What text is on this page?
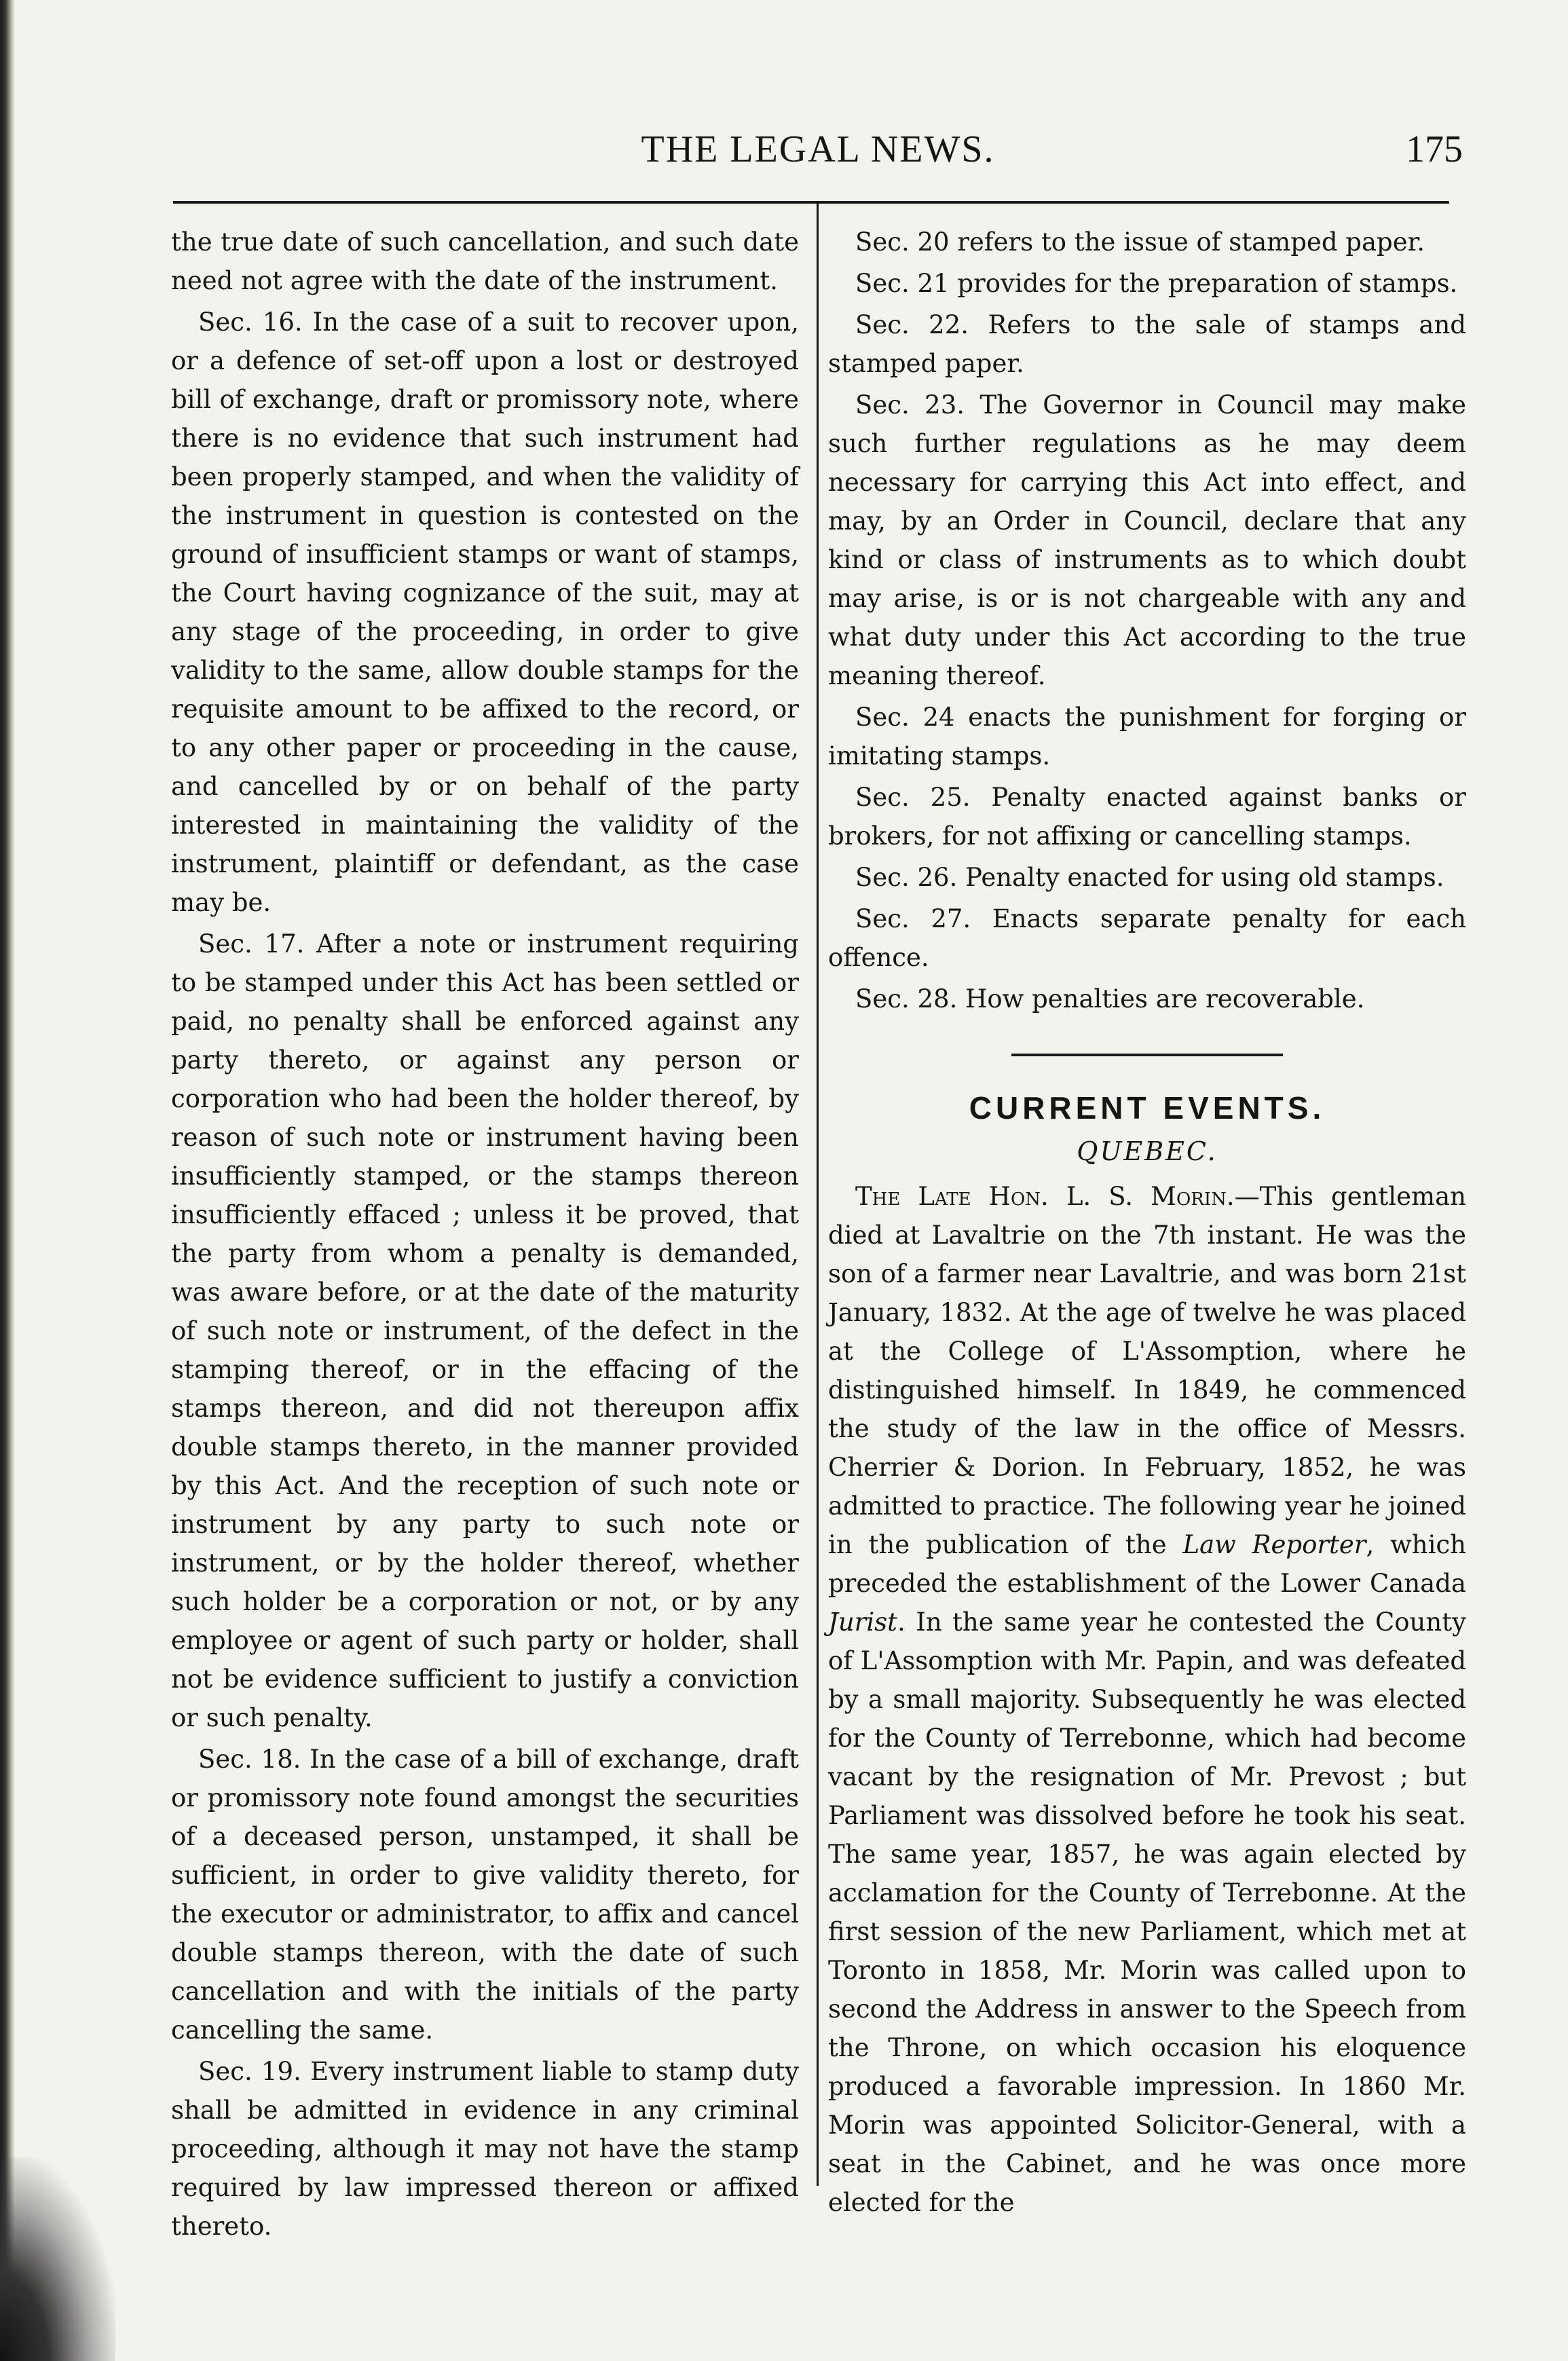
THE LEGAL NEWS.	175

the true date of such cancellation, and such date need not agree with the date of the instrument.

Sec. 16. In the case of a suit to recover upon, or a defence of set-off upon a lost or destroyed bill of exchange, draft or promissory note, where there is no evidence that such instrument had been properly stamped, and when the validity of the instrument in question is contested on the ground of insufficient stamps or want of stamps, the Court having cognizance of the suit, may at any stage of the proceeding, in order to give validity to the same, allow double stamps for the requisite amount to be affixed to the record, or to any other paper or proceeding in the cause, and cancelled by or on behalf of the party interested in maintaining the validity of the instrument, plaintiff or defendant, as the case may be.

Sec. 17. After a note or instrument requiring to be stamped under this Act has been settled or paid, no penalty shall be enforced against any party thereto, or against any person or corporation who had been the holder thereof, by reason of such note or instrument having been insufficiently stamped, or the stamps thereon insufficiently effaced ; unless it be proved, that the party from whom a penalty is demanded, was aware before, or at the date of the maturity of such note or instrument, of the defect in the stamping thereof, or in the effacing of the stamps thereon, and did not thereupon affix double stamps thereto, in the manner provided by this Act. And the reception of such note or instrument by any party to such note or instrument, or by the holder thereof, whether such holder be a corporation or not, or by any employee or agent of such party or holder, shall not be evidence sufficient to justify a conviction or such penalty.

Sec. 18. In the case of a bill of exchange, draft or promissory note found amongst the securities of a deceased person, unstamped, it shall be sufficient, in order to give validity thereto, for the executor or administrator, to affix and cancel double stamps thereon, with the date of such cancellation and with the initials of the party cancelling the same.

Sec. 19. Every instrument liable to stamp duty shall be admitted in evidence in any criminal proceeding, although it may not have the stamp required by law impressed thereon or affixed thereto.

Sec. 20 refers to the issue of stamped paper.

Sec. 21 provides for the preparation of stamps.

Sec. 22. Refers to the sale of stamps and stamped paper.

Sec. 23. The Governor in Council may make such further regulations as he may deem necessary for carrying this Act into effect, and may, by an Order in Council, declare that any kind or class of instruments as to which doubt may arise, is or is not chargeable with any and what duty under this Act according to the true meaning thereof.

Sec. 24 enacts the punishment for forging or imitating stamps.

Sec. 25. Penalty enacted against banks or brokers, for not affixing or cancelling stamps.

Sec. 26. Penalty enacted for using old stamps.

Sec. 27. Enacts separate penalty for each offence.

Sec. 28. How penalties are recoverable.

CURRENT EVENTS.
QUEBEC.

The Late Hon. L. S. Morin.—This gentleman died at Lavaltrie on the 7th instant. He was the son of a farmer near Lavaltrie, and was born 21st January, 1832. At the age of twelve he was placed at the College of L'Assomption, where he distinguished himself. In 1849, he commenced the study of the law in the office of Messrs. Cherrier & Dorion. In February, 1852, he was admitted to practice. The following year he joined in the publication of the Law Reporter, which preceded the establishment of the Lower Canada Jurist. In the same year he contested the County of L'Assomption with Mr. Papin, and was defeated by a small majority. Subsequently he was elected for the County of Terrebonne, which had become vacant by the resignation of Mr. Prevost ; but Parliament was dissolved before he took his seat. The same year, 1857, he was again elected by acclamation for the County of Terrebonne. At the first session of the new Parliament, which met at Toronto in 1858, Mr. Morin was called upon to second the Address in answer to the Speech from the Throne, on which occasion his eloquence produced a favorable impression. In 1860 Mr. Morin was appointed Solicitor-General, with a seat in the Cabinet, and he was once more elected for the
